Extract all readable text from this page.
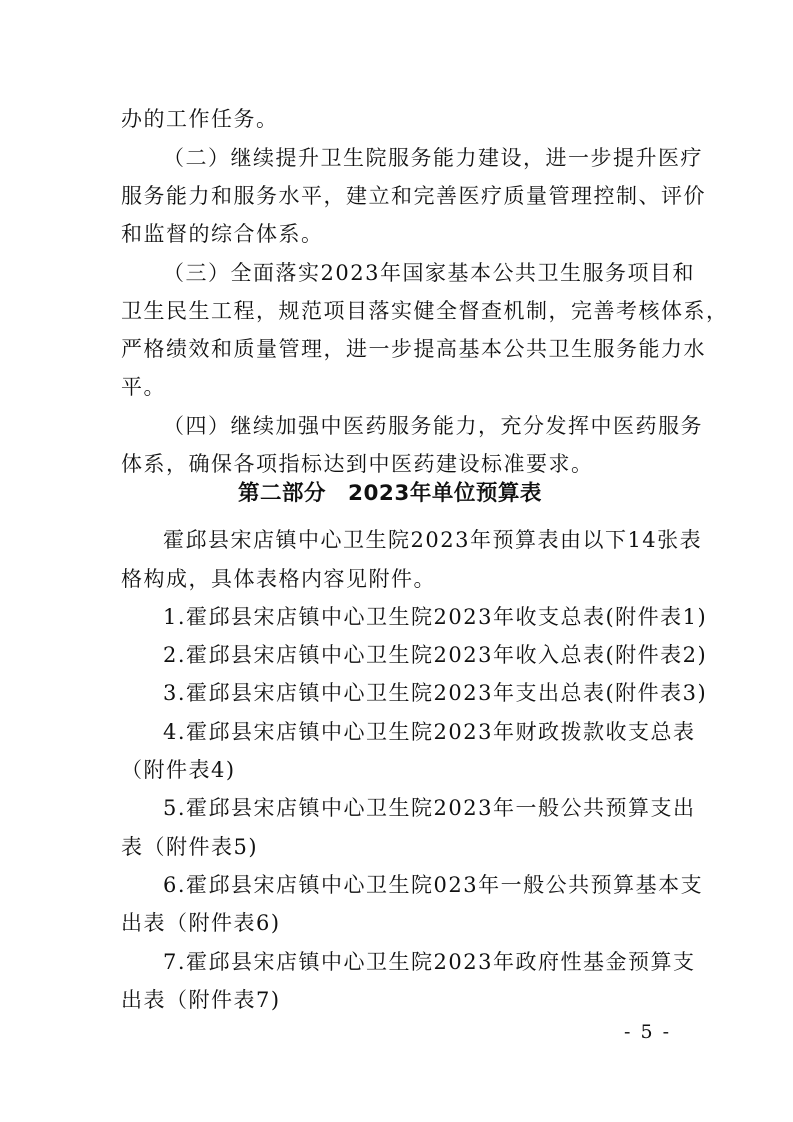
办的工作任务。
（二）继续提升卫生院服务能力建设，进一步提升医疗
服务能力和服务水平，建立和完善医疗质量管理控制、评价
和监督的综合体系。
（三）全面落实2023年国家基本公共卫生服务项目和
卫生民生工程，规范项目落实健全督查机制，完善考核体系，
严格绩效和质量管理，进一步提高基本公共卫生服务能力水
平。
（四）继续加强中医药服务能力，充分发挥中医药服务
体系，确保各项指标达到中医药建设标准要求。
第二部分　2023年单位预算表
霍邱县宋店镇中心卫生院2023年预算表由以下14张表
格构成，具体表格内容见附件。
1.霍邱县宋店镇中心卫生院2023年收支总表(附件表1)
2.霍邱县宋店镇中心卫生院2023年收入总表(附件表2)
3.霍邱县宋店镇中心卫生院2023年支出总表(附件表3)
4.霍邱县宋店镇中心卫生院2023年财政拨款收支总表
（附件表4)
5.霍邱县宋店镇中心卫生院2023年一般公共预算支出
表（附件表5)
6.霍邱县宋店镇中心卫生院023年一般公共预算基本支
出表（附件表6)
7.霍邱县宋店镇中心卫生院2023年政府性基金预算支
出表（附件表7)
- 5 -
